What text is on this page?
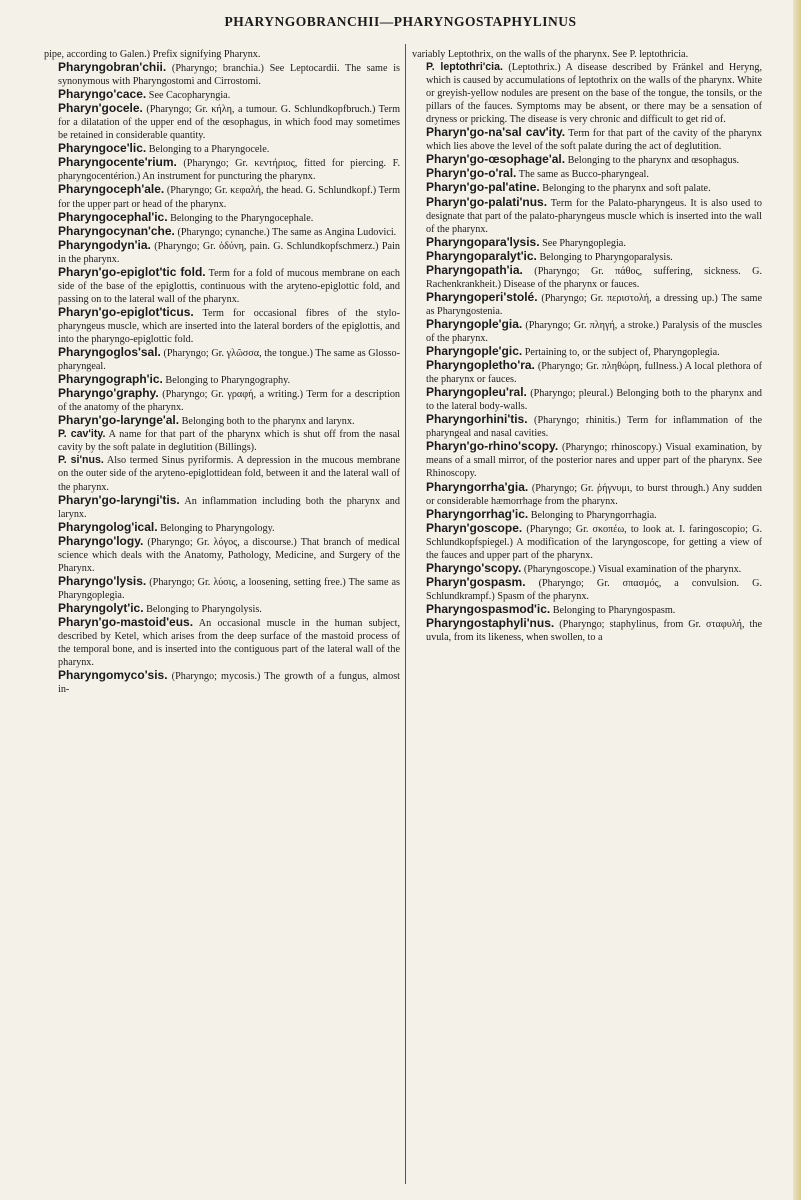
PHARYNGOBRANCHII—PHARYNGOSTAPHYLINUS

pipe, according to Galen.) Prefix signifying Pharynx.

Pharyngobran'chii. (Pharyngo; branchia.) See Leptocardii. The same is synonymous with Pharyngostomi and Cirrostomi.

Pharyngo'cace. See Cacopharyngia.

Pharyn'gocele. (Pharyngo; Gr. κήλη, a tumour. G. Schlundkopfbruch.) Term for a dilatation of the upper end of the œsophagus, in which food may sometimes be retained in considerable quantity.

Pharyngoce'lic. Belonging to a Pharyngocele.

Pharyngocente'rium. (Pharyngo; Gr. κεντήριος, fitted for piercing. F. pharyngocentérion.) An instrument for puncturing the pharynx.

Pharyngoceph'ale. (Pharyngo; Gr. κεφαλή, the head. G. Schlundkopf.) Term for the upper part or head of the pharynx.

Pharyngocephal'ic. Belonging to the Pharyngocephale.

Pharyngocynan'che. (Pharyngo; cynanche.) The same as Angina Ludovici.

Pharyngodyn'ia. (Pharyngo; Gr. ὀδύνη, pain. G. Schlundkopfschmerz.) Pain in the pharynx.

Pharyn'go-epiglot'tic fold. Term for a fold of mucous membrane on each side of the base of the epiglottis, continuous with the aryteno-epiglottic fold, and passing on to the lateral wall of the pharynx.

Pharyn'go-epiglot'ticus. Term for occasional fibres of the stylo-pharyngeus muscle, which are inserted into the lateral borders of the epiglottis, and into the pharyngo-epiglottic fold.

Pharyngoglos'sal. (Pharyngo; Gr. γλῶσσα, the tongue.) The same as Glosso-pharyngeal.

Pharyngograph'ic. Belonging to Pharyngography.

Pharyngo'graphy. (Pharyngo; Gr. γραφή, a writing.) Term for a description of the anatomy of the pharynx.

Pharyn'go-larynge'al. Belonging both to the pharynx and larynx.

P. cav'ity. A name for that part of the pharynx which is shut off from the nasal cavity by the soft palate in deglutition (Billings).

P. si'nus. Also termed Sinus pyriformis. A depression in the mucous membrane on the outer side of the aryteno-epiglottidean fold, between it and the lateral wall of the pharynx.

Pharyn'go-laryngi'tis. An inflammation including both the pharynx and larynx.

Pharyngolog'ical. Belonging to Pharyngology.

Pharyngo'logy. (Pharyngo; Gr. λόγος, a discourse.) That branch of medical science which deals with the Anatomy, Pathology, Medicine, and Surgery of the Pharynx.

Pharyngo'lysis. (Pharyngo; Gr. λύσις, a loosening, setting free.) The same as Pharyngoplegia.

Pharyngolyt'ic. Belonging to Pharyngolysis.

Pharyn'go-mastoid'eus. An occasional muscle in the human subject, described by Ketel, which arises from the deep surface of the mastoid process of the temporal bone, and is inserted into the contiguous part of the lateral wall of the pharynx.

Pharyngomyco'sis. (Pharyngo; mycosis.) The growth of a fungus, almost in-

variably Leptothrix, on the walls of the pharynx. See P. leptothricia.

P. leptothri'cia. (Leptothrix.) A disease described by Fränkel and Heryng, which is caused by accumulations of leptothrix on the walls of the pharynx. White or greyish-yellow nodules are present on the base of the tongue, the tonsils, or the pillars of the fauces. Symptoms may be absent, or there may be a sensation of dryness or pricking. The disease is very chronic and difficult to get rid of.

Pharyn'go-na'sal cav'ity. Term for that part of the cavity of the pharynx which lies above the level of the soft palate during the act of deglutition.

Pharyn'go-œsophage'al. Belonging to the pharynx and œsophagus.

Pharyn'go-o'ral. The same as Bucco-pharyngeal.

Pharyn'go-pal'atine. Belonging to the pharynx and soft palate.

Pharyn'go-palati'nus. Term for the Palato-pharyngeus. It is also used to designate that part of the palato-pharyngeus muscle which is inserted into the wall of the pharynx.

Pharyngopara'lysis. See Pharyngoplegia.

Pharyngoparalyt'ic. Belonging to Pharyngoparalysis.

Pharyngopath'ia. (Pharyngo; Gr. πάθος, suffering, sickness. G. Rachenkrankheit.) Disease of the pharynx or fauces.

Pharyngoperi'stolé. (Pharyngo; Gr. περιστολή, a dressing up.) The same as Pharyngostenia.

Pharyngople'gia. (Pharyngo; Gr. πληγή, a stroke.) Paralysis of the muscles of the pharynx.

Pharyngople'gic. Pertaining to, or the subject of, Pharyngoplegia.

Pharyngopletho'ra. (Pharyngo; Gr. πληθώρη, fullness.) A local plethora of the pharynx or fauces.

Pharyngopleu'ral. (Pharyngo; pleural.) Belonging both to the pharynx and to the lateral body-walls.

Pharyngorhini'tis. (Pharyngo; rhinitis.) Term for inflammation of the pharyngeal and nasal cavities.

Pharyn'go-rhino'scopy. (Pharyngo; rhinoscopy.) Visual examination, by means of a small mirror, of the posterior nares and upper part of the pharynx. See Rhinoscopy.

Pharyngorrha'gia. (Pharyngo; Gr. ῥήγνυμι, to burst through.) Any sudden or considerable hæmorrhage from the pharynx.

Pharyngorrhag'ic. Belonging to Pharyngorrhagia.

Pharyn'goscope. (Pharyngo; Gr. σκοπέω, to look at. I. faringoscopio; G. Schlundkopfspiegel.) A modification of the laryngoscope, for getting a view of the fauces and upper part of the pharynx.

Pharyngo'scopy. (Pharyngoscope.) Visual examination of the pharynx.

Pharyn'gospasm. (Pharyngo; Gr. σπασμός, a convulsion. G. Schlundkrampf.) Spasm of the pharynx.

Pharyngospasmod'ic. Belonging to Pharyngospasm.

Pharyngostaphyli'nus. (Pharyngo; staphylinus, from Gr. σταφυλή, the uvula, from its likeness, when swollen, to a
